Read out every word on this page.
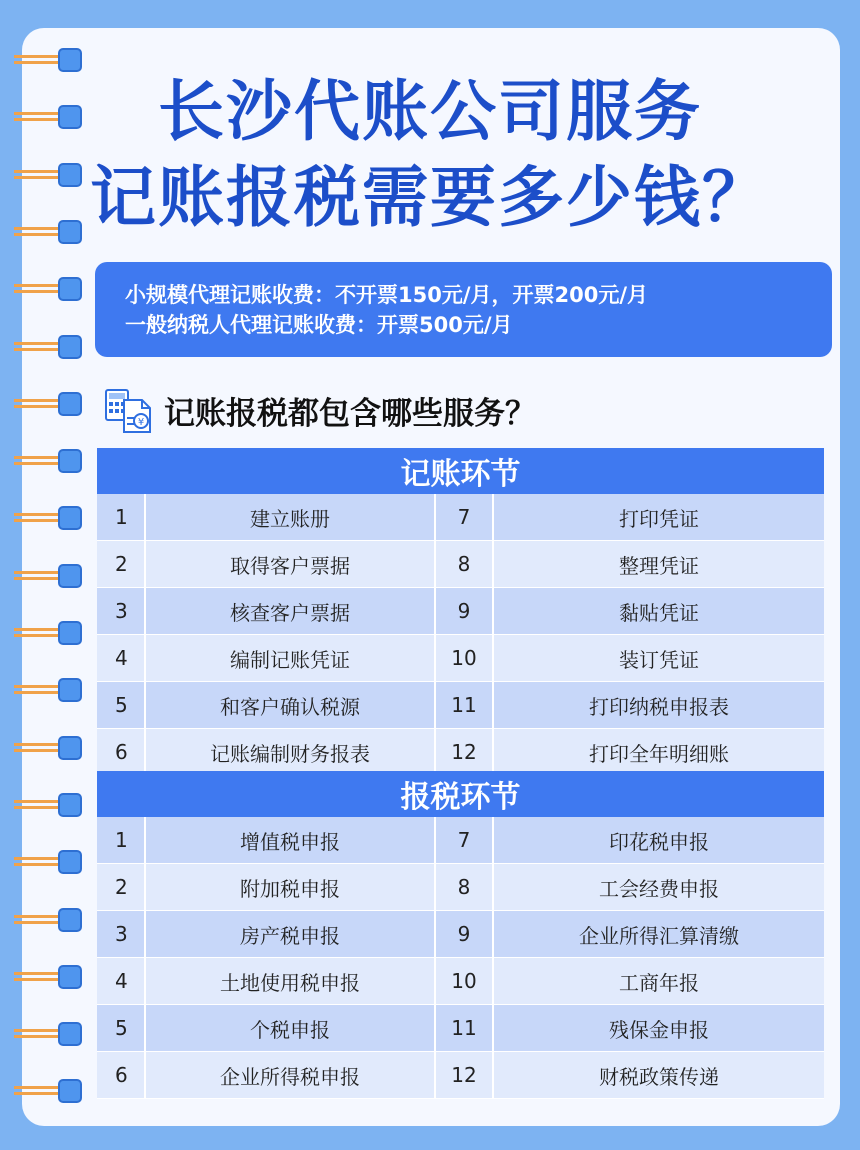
长沙代账公司服务
记账报税需要多少钱？
小规模代理记账收费：不开票150元/月，开票200元/月
一般纳税人代理记账收费：开票500元/月
¥ 记账报税都包含哪些服务？
记账环节			
1	建立账册	7	打印凭证
2	取得客户票据	8	整理凭证
3	核查客户票据	9	黏贴凭证
4	编制记账凭证	10	装订凭证
5	和客户确认税源	11	打印纳税申报表
6	记账编制财务报表	12	打印全年明细账
报税环节			
1	增值税申报	7	印花税申报
2	附加税申报	8	工会经费申报
3	房产税申报	9	企业所得汇算清缴
4	土地使用税申报	10	工商年报
5	个税申报	11	残保金申报
6	企业所得税申报	12	财税政策传递
